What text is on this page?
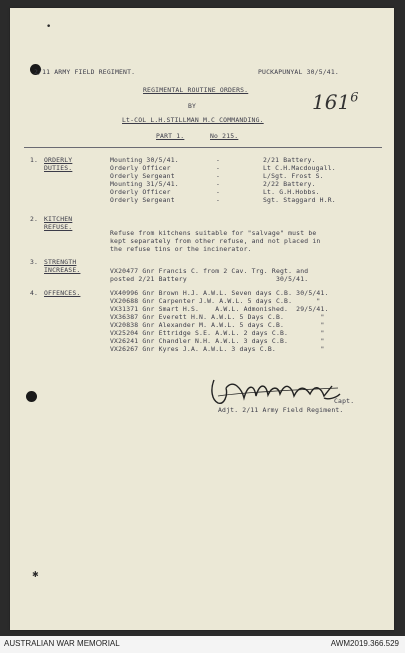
•
✱
2/11 ARMY FIELD REGIMENT.	PUCKAPUNYAL 30/5/41.
$161^6$
REGIMENTAL ROUTINE ORDERS.
BY
Lt-COL L.H.STILLMAN M.C COMMANDING.
PART 1.	No 215.
1. ORDERLY
DUTIES.
Mounting 30/5/41.	-	2/21 Battery.
Orderly Officer	-	Lt C.H.Macdougall.
Orderly Sergeant	-	L/Sgt. Frost S.
Mounting 31/5/41.	-	2/22 Battery.
Orderly Officer	-	Lt. G.H.Hobbs.
Orderly Sergeant	-	Sgt. Staggard H.R.
2. KITCHEN
REFUSE.
Refuse from kitchens suitable for "salvage" must be
kept separately from other refuse, and not placed in
the refuse tins or the incinerator.
3. STRENGTH
INCREASE.	VX20477 Gnr Francis C. from 2 Cav. Trg. Regt. and
posted 2/21 Battery                      30/5/41.
4. OFFENCES.	VX40996 Gnr Brown H.J. A.W.L. Seven days C.B. 30/5/41.
VX20688 Gnr Carpenter J.W. A.W.L. 5 days C.B.      "
VX31371 Gnr Smart H.S.    A.W.L. Admonished.  29/5/41.
VX36387 Gnr Everett H.N. A.W.L. 5 Days C.B.         "
VX20838 Gnr Alexander M. A.W.L. 5 days C.B.         "
VX25204 Gnr Ettridge S.E. A.W.L. 2 days C.B.        "
VX26241 Gnr Chandler N.H. A.W.L. 3 days C.B.        "
VX26267 Gnr Kyres J.A. A.W.L. 3 days C.B.           "
Capt.
Adjt. 2/11 Army Field Regiment.
AUSTRALIAN WAR MEMORIAL	AWM2019.366.529
